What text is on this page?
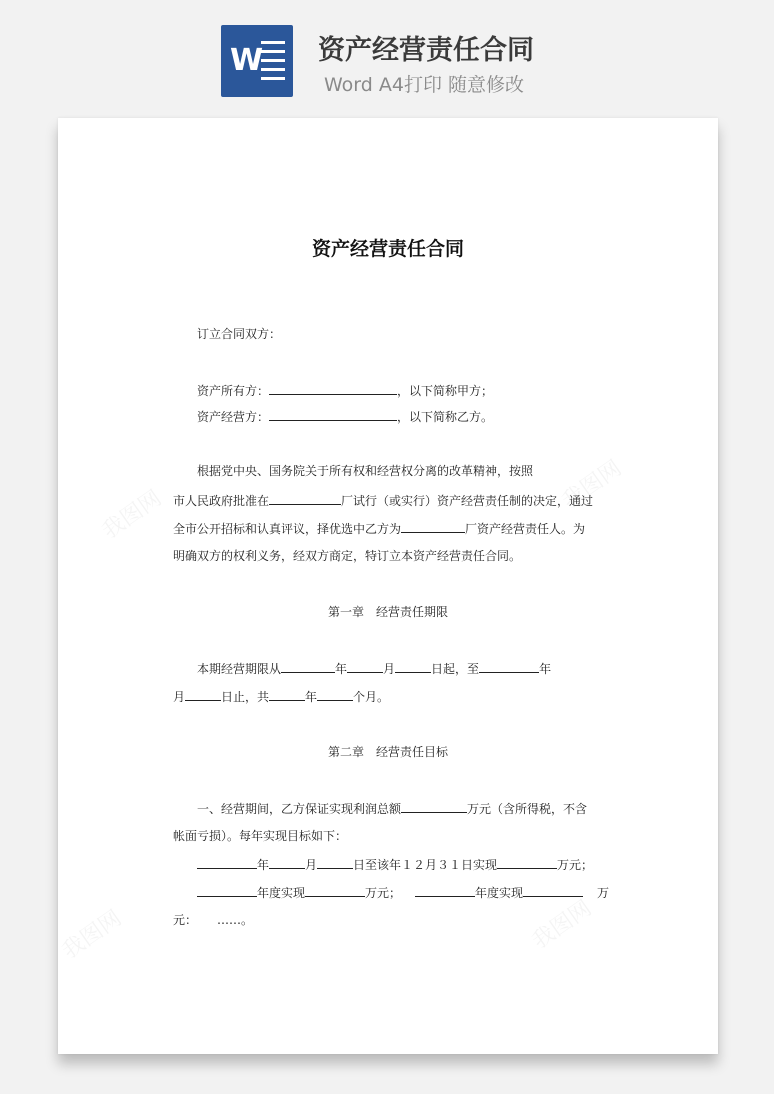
W 资产经营责任合同
Word A4打印 随意修改
资产经营责任合同
订立合同双方：
资产所有方：	，以下简称甲方；
资产经营方：	，以下简称乙方。
根据党中央、国务院关于所有权和经营权分离的改革精神，按照
市人民政府批准在	厂试行（或实行）资产经营责任制的决定，通过
全市公开招标和认真评议，择优选中乙方为	厂资产经营责任人。为
明确双方的权利义务，经双方商定，特订立本资产经营责任合同。
第一章　经营责任期限
本期经营期限从	年	月	日起，至	年
月	日止，共	年	个月。
第二章　经营责任目标
一、经营期间，乙方保证实现利润总额	万元（含所得税，不含
帐面亏损）。每年实现目标如下：
年	月	日至该年１２月３１日实现	万元；
年度实现	万元；	年度实现	万
元： ……。
